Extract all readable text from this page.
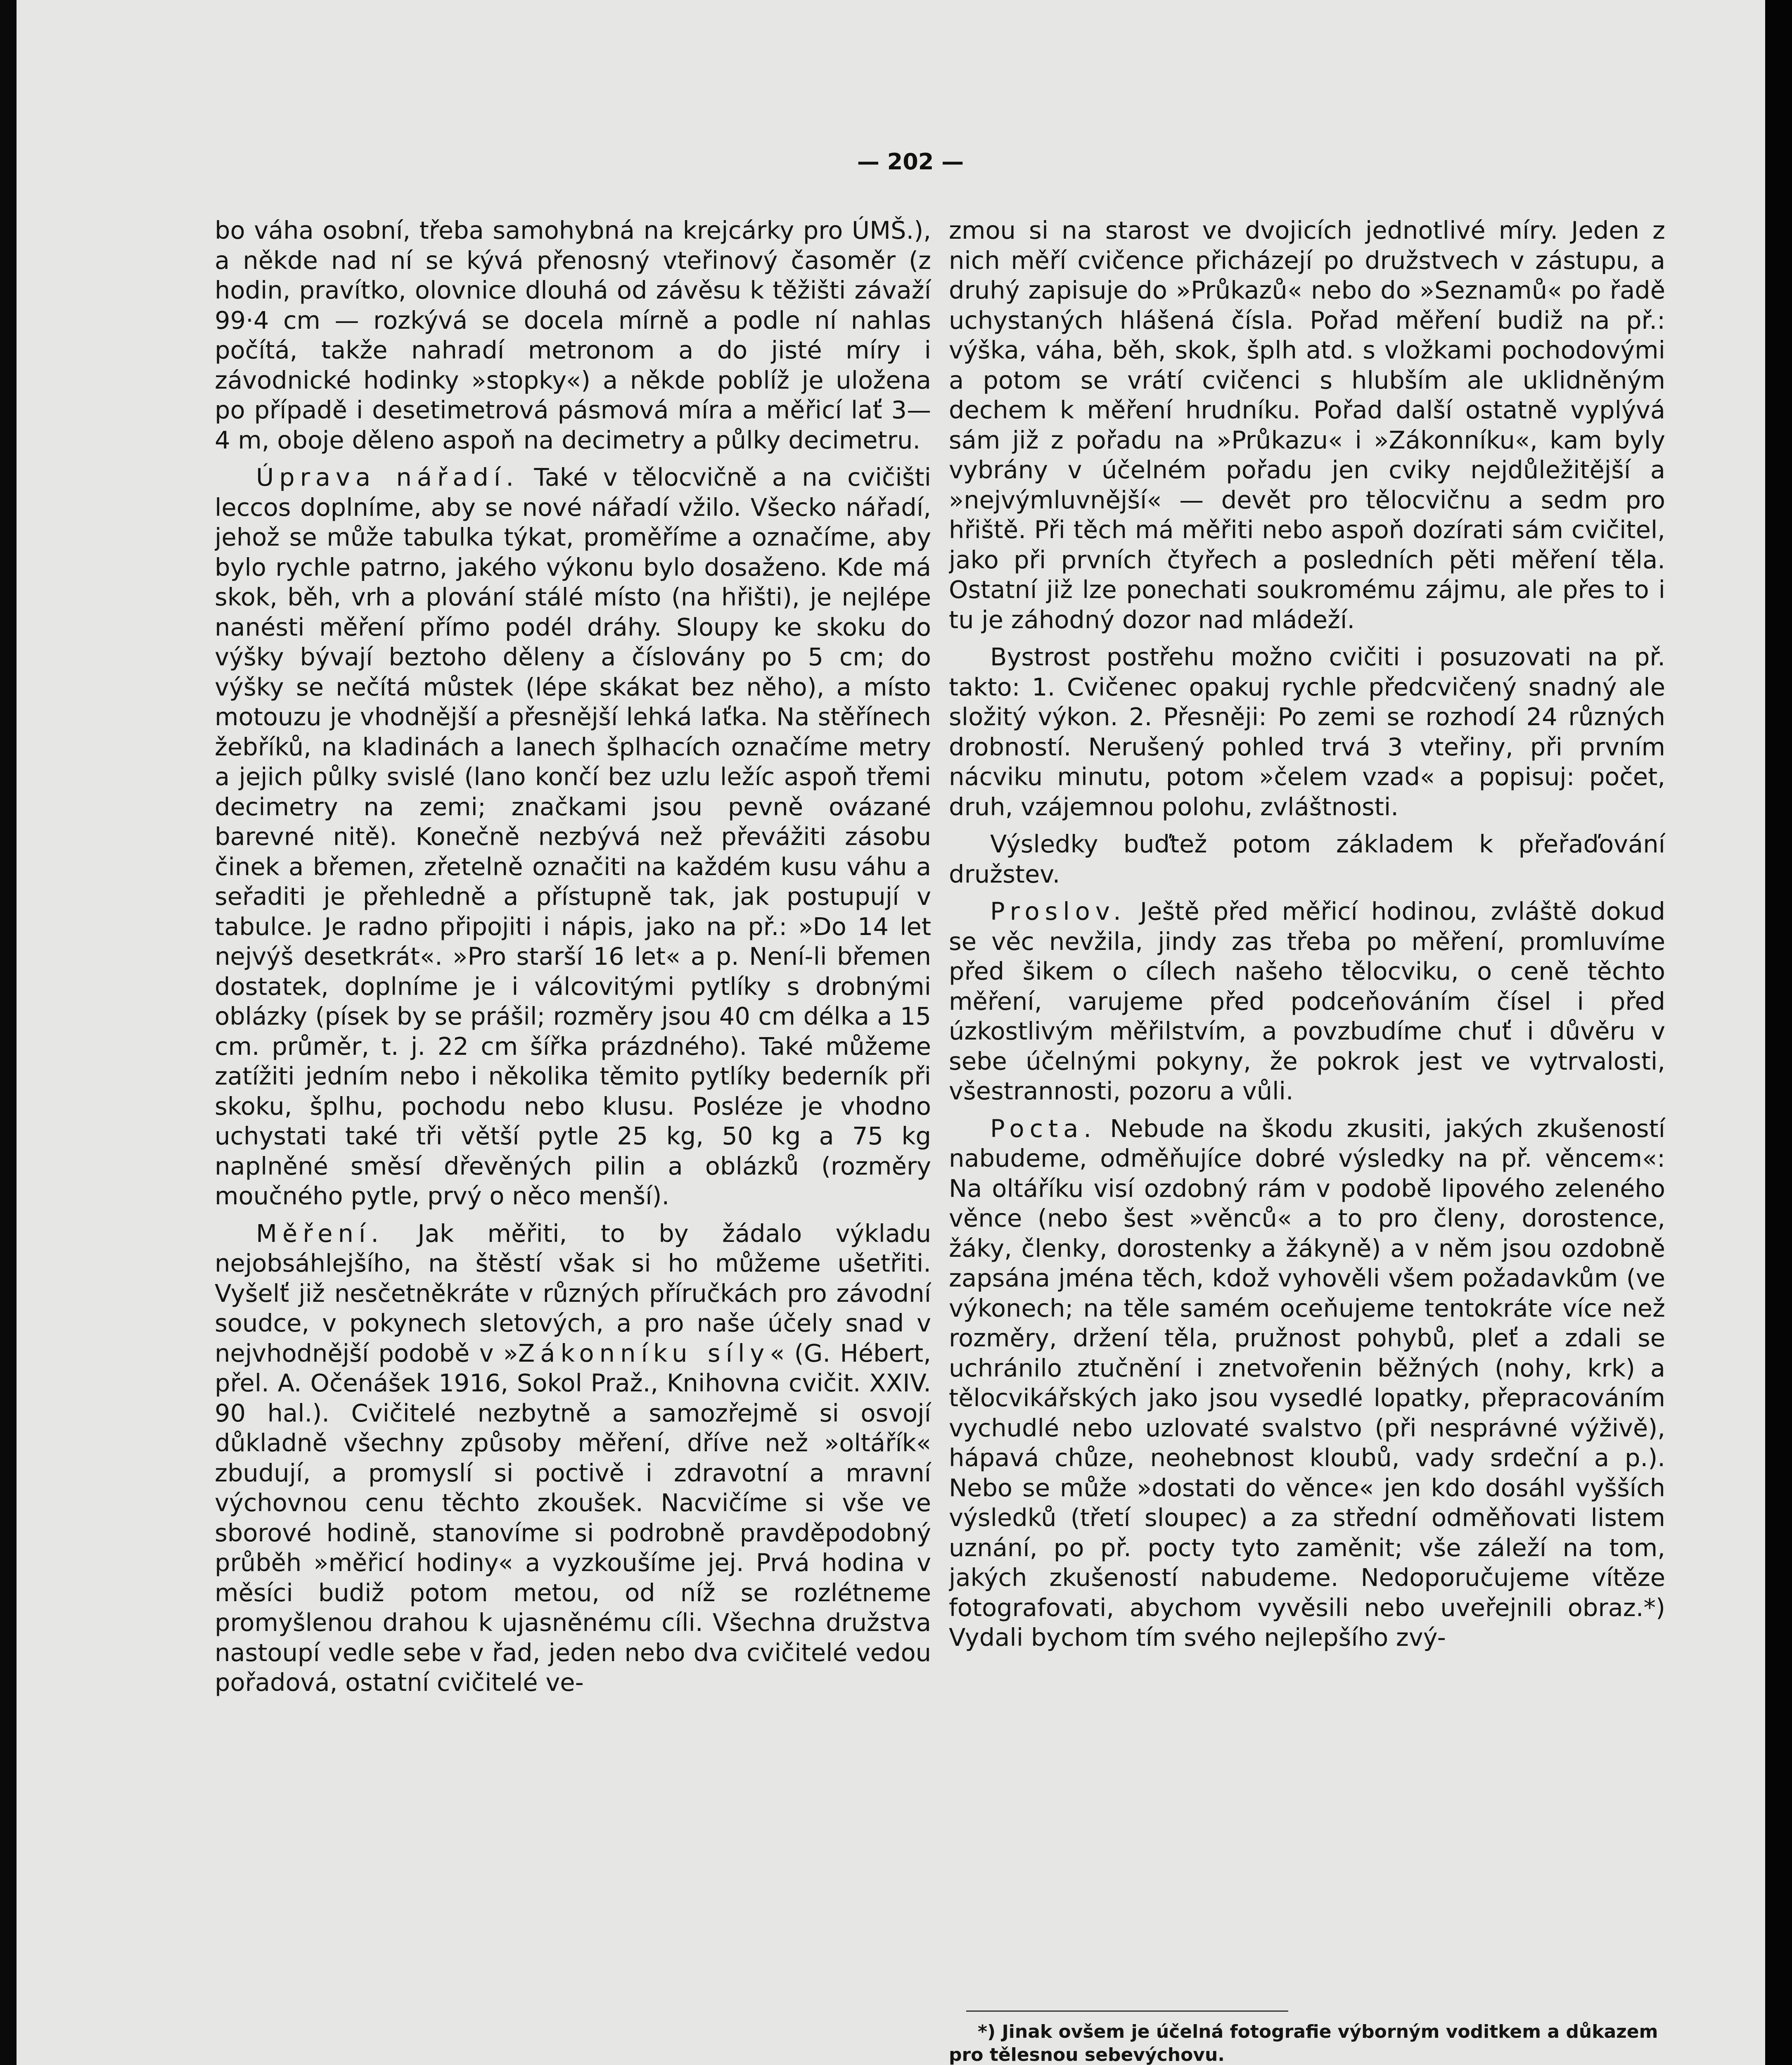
— 202 —

bo váha osobní, třeba samohybná na krejcárky pro ÚMŠ.), a někde nad ní se kývá přenosný vteřinový časoměr (z hodin, pravítko, olovnice dlouhá od závěsu k těžišti závaží 99·4 cm — rozkývá se docela mírně a podle ní nahlas počítá, takže nahradí metronom a do jisté míry i závodnické hodinky »stopky«) a někde poblíž je uložena po případě i desetimetrová pásmová míra a měřicí lať 3—4 m, oboje děleno aspoň na decimetry a půlky decimetru.

Úprava nářadí. Také v tělocvičně a na cvičišti leccos doplníme, aby se nové nářadí vžilo. Všecko nářadí, jehož se může tabulka týkat, proměříme a označíme, aby bylo rychle patrno, jakého výkonu bylo dosaženo. Kde má skok, běh, vrh a plování stálé místo (na hřišti), je nejlépe nanésti měření přímo podél dráhy. Sloupy ke skoku do výšky bývají beztoho děleny a číslovány po 5 cm; do výšky se nečítá můstek (lépe skákat bez něho), a místo motouzu je vhodnější a přesnější lehká laťka. Na stěřínech žebříků, na kladinách a lanech šplhacích označíme metry a jejich půlky svislé (lano končí bez uzlu ležíc aspoň třemi decimetry na zemi; značkami jsou pevně ovázané barevné nitě). Konečně nezbývá než převážiti zásobu činek a břemen, zřetelně označiti na každém kusu váhu a seřaditi je přehledně a přístupně tak, jak postupují v tabulce. Je radno připojiti i nápis, jako na př.: »Do 14 let nejvýš desetkrát«. »Pro starší 16 let« a p. Není-li břemen dostatek, doplníme je i válcovitými pytlíky s drobnými oblázky (písek by se prášil; rozměry jsou 40 cm délka a 15 cm. průměr, t. j. 22 cm šířka prázdného). Také můžeme zatížiti jedním nebo i několika těmito pytlíky bederník při skoku, šplhu, pochodu nebo klusu. Posléze je vhodno uchystati také tři větší pytle 25 kg, 50 kg a 75 kg naplněné směsí dřevěných pilin a oblázků (rozměry moučného pytle, prvý o něco menší).

Měření. Jak měřiti, to by žádalo výkladu nejobsáhlejšího, na štěstí však si ho můžeme ušetřiti. Vyšelť již nesčetněkráte v různých příručkách pro závodní soudce, v pokynech sletových, a pro naše účely snad v nejvhodnější podobě v »Zákonníku síly« (G. Hébert, přel. A. Očenášek 1916, Sokol Praž., Knihovna cvičit. XXIV. 90 hal.). Cvičitelé nezbytně a samozřejmě si osvojí důkladně všechny způsoby měření, dříve než »oltářík« zbudují, a promyslí si poctivě i zdravotní a mravní výchovnou cenu těchto zkoušek. Nacvičíme si vše ve sborové hodině, stanovíme si podrobně pravděpodobný průběh »měřicí hodiny« a vyzkoušíme jej. Prvá hodina v měsíci budiž potom metou, od níž se rozlétneme promyšlenou drahou k ujasněnému cíli. Všechna družstva nastoupí vedle sebe v řad, jeden nebo dva cvičitelé vedou pořadová, ostatní cvičitelé ve-

zmou si na starost ve dvojicích jednotlivé míry. Jeden z nich měří cvičence přicházejí po družstvech v zástupu, a druhý zapisuje do »Průkazů« nebo do »Seznamů« po řadě uchystaných hlášená čísla. Pořad měření budiž na př.: výška, váha, běh, skok, šplh atd. s vložkami pochodovými a potom se vrátí cvičenci s hlubším ale uklidněným dechem k měření hrudníku. Pořad další ostatně vyplývá sám již z pořadu na »Průkazu« i »Zákonníku«, kam byly vybrány v účelném pořadu jen cviky nejdůležitější a »nejvýmluvnější« — devět pro tělocvičnu a sedm pro hřiště. Při těch má měřiti nebo aspoň dozírati sám cvičitel, jako při prvních čtyřech a posledních pěti měření těla. Ostatní již lze ponechati soukromému zájmu, ale přes to i tu je záhodný dozor nad mládeží.

Bystrost postřehu možno cvičiti i posuzovati na př. takto: 1. Cvičenec opakuj rychle předcvičený snadný ale složitý výkon. 2. Přesněji: Po zemi se rozhodí 24 různých drobností. Nerušený pohled trvá 3 vteřiny, při prvním nácviku minutu, potom »čelem vzad« a popisuj: počet, druh, vzájemnou polohu, zvláštnosti.

Výsledky buďtež potom základem k přeřaďování družstev.

Proslov. Ještě před měřicí hodinou, zvláště dokud se věc nevžila, jindy zas třeba po měření, promluvíme před šikem o cílech našeho tělocviku, o ceně těchto měření, varujeme před podceňováním čísel i před úzkostlivým měřilstvím, a povzbudíme chuť i důvěru v sebe účelnými pokyny, že pokrok jest ve vytrvalosti, všestrannosti, pozoru a vůli.

Pocta. Nebude na škodu zkusiti, jakých zkušeností nabudeme, odměňujíce dobré výsledky na př. věncem«: Na oltáříku visí ozdobný rám v podobě lipového zeleného věnce (nebo šest »věnců« a to pro členy, dorostence, žáky, členky, dorostenky a žákyně) a v něm jsou ozdobně zapsána jména těch, kdož vyhověli všem požadavkům (ve výkonech; na těle samém oceňujeme tentokráte více než rozměry, držení těla, pružnost pohybů, pleť a zdali se uchránilo ztučnění i znetvořenin běžných (nohy, krk) a tělocvikářských jako jsou vysedlé lopatky, přepracováním vychudlé nebo uzlovaté svalstvo (při nesprávné výživě), hápavá chůze, neohebnost kloubů, vady srdeční a p.). Nebo se může »dostati do věnce« jen kdo dosáhl vyšších výsledků (třetí sloupec) a za střední odměňovati listem uznání, po př. pocty tyto zaměnit; vše záleží na tom, jakých zkušeností nabudeme. Nedoporučujeme vítěze fotografovati, abychom vyvěsili nebo uveřejnili obraz.*) Vydali bychom tím svého nejlepšího zvý-

*) Jinak ovšem je účelná fotografie výborným voditkem a důkazem pro tělesnou sebevýchovu.
